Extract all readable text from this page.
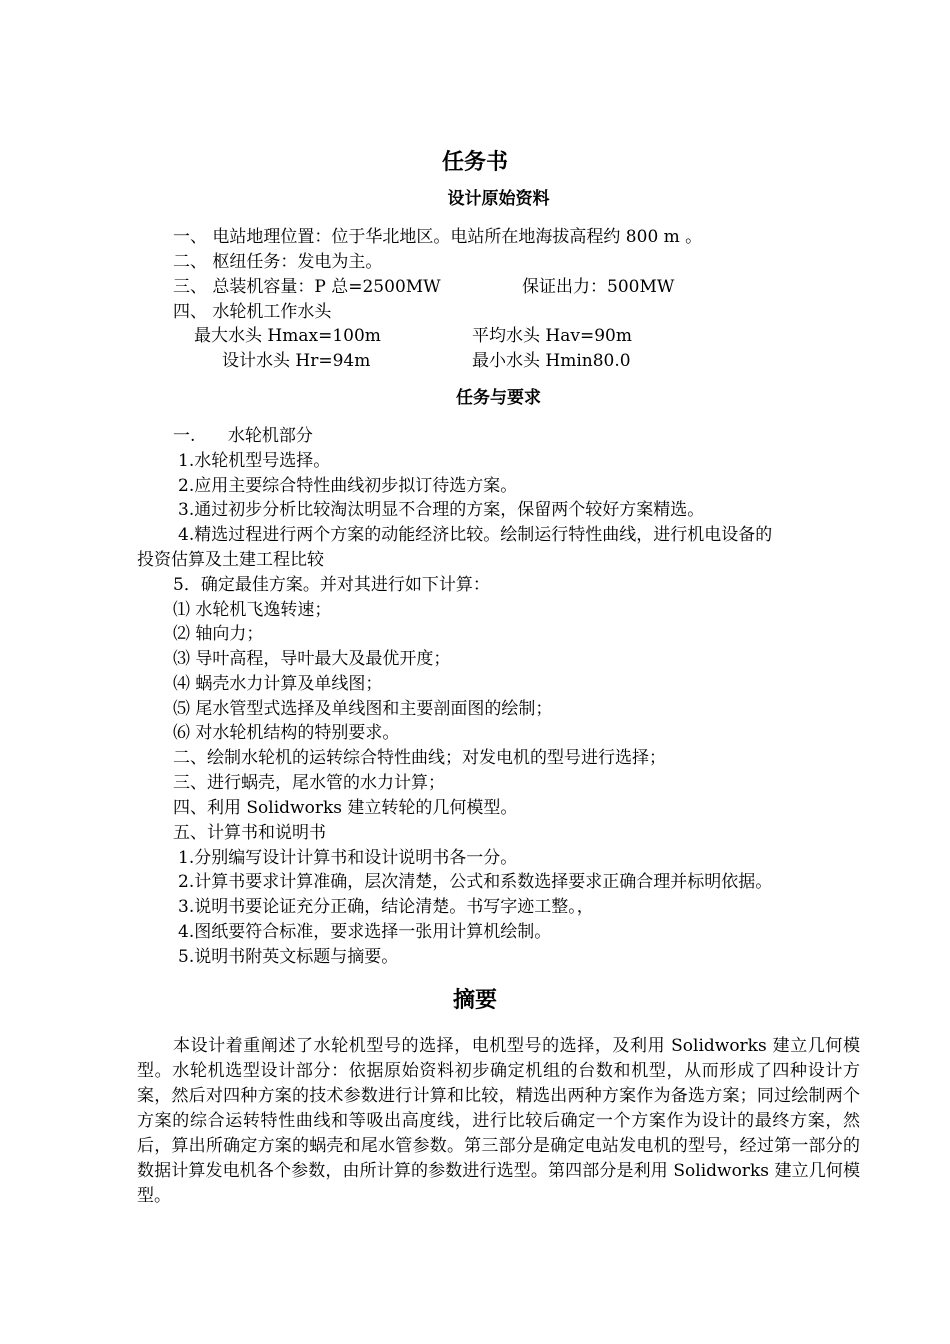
任务书
设计原始资料
一、 电站地理位置：位于华北地区。电站所在地海拔高程约 800 m 。
二、 枢纽任务：发电为主。
三、 总装机容量：P 总=2500MW	保证出力：500MW
四、 水轮机工作水头
最大水头 Hmax=100m	平均水头 Hav=90m
设计水头 Hr=94m	最小水头 Hmin80.0
任务与要求
一.      水轮机部分
1.水轮机型号选择。
2.应用主要综合特性曲线初步拟订待选方案。
3.通过初步分析比较淘汰明显不合理的方案，保留两个较好方案精选。
4.精选过程进行两个方案的动能经济比较。绘制运行特性曲线，进行机电设备的
投资估算及土建工程比较
5．确定最佳方案。并对其进行如下计算：
⑴ 水轮机飞逸转速；
⑵ 轴向力；
⑶ 导叶高程，导叶最大及最优开度；
⑷ 蜗壳水力计算及单线图；
⑸ 尾水管型式选择及单线图和主要剖面图的绘制；
⑹ 对水轮机结构的特别要求。
二、绘制水轮机的运转综合特性曲线；对发电机的型号进行选择；
三、进行蜗壳，尾水管的水力计算；
四、利用 Solidworks 建立转轮的几何模型。
五、计算书和说明书
1.分别编写设计计算书和设计说明书各一分。
2.计算书要求计算准确，层次清楚，公式和系数选择要求正确合理并标明依据。
3.说明书要论证充分正确，结论清楚。书写字迹工整。，
4.图纸要符合标准，要求选择一张用计算机绘制。
5.说明书附英文标题与摘要。
摘要
本设计着重阐述了水轮机型号的选择，电机型号的选择，及利用 Solidworks 建立几何模型。水轮机选型设计部分：依据原始资料初步确定机组的台数和机型，从而形成了四种设计方案，然后对四种方案的技术参数进行计算和比较，精选出两种方案作为备选方案；同过绘制两个方案的综合运转特性曲线和等吸出高度线，进行比较后确定一个方案作为设计的最终方案，然后，算出所确定方案的蜗壳和尾水管参数。第三部分是确定电站发电机的型号，经过第一部分的数据计算发电机各个参数，由所计算的参数进行选型。第四部分是利用 Solidworks 建立几何模型。
